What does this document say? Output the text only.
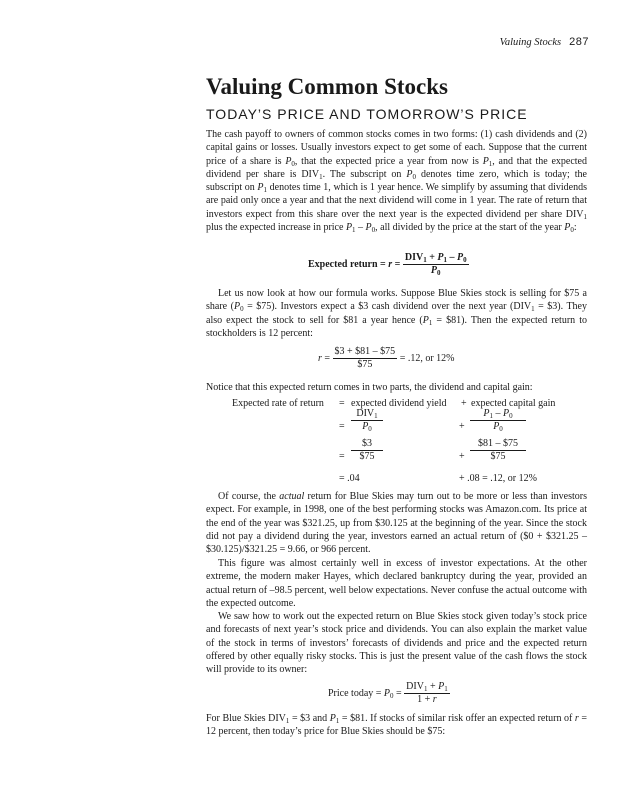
Valuing Stocks 287
Valuing Common Stocks
TODAY’S PRICE AND TOMORROW’S PRICE

The cash payoff to owners of common stocks comes in two forms: (1) cash dividends and (2) capital gains or losses. Usually investors expect to get some of each. Suppose that the current price of a share is $P_0$, that the expected price a year from now is $P_1$, and that the expected dividend per share is $DIV_1$. The subscript on $P_0$ denotes time zero, which is today; the subscript on $P_1$ denotes time 1, which is 1 year hence. We simplify by assuming that dividends are paid only once a year and that the next dividend will come in 1 year. The rate of return that investors expect from this share over the next year is the expected dividend per share $DIV_1$ plus the expected increase in price $P_1 - P_0$, all divided by the price at the start of the year $P_0$:

Expected return = $r = \frac{DIV_1 + P_1 - P_0}{P_0}$

Let us now look at how our formula works. Suppose Blue Skies stock is selling for $75 a share ($P_0$ = $75). Investors expect a $3 cash dividend over the next year ($DIV_1$ = $3). They also expect the stock to sell for $81 a year hence ($P_1$ = $81). Then the expected return to stockholders is 12 percent:

$r = \frac{\$3 + \$81 - \$75}{\$75} = .12$, or 12%

Notice that this expected return comes in two parts, the dividend and capital gain:

Expected rate of return = expected dividend yield + expected capital gain
= $\frac{DIV_1}{P_0}$	+ $\frac{P_1 - P_0}{P_0}$
= $\frac{\$3}{\$75}$	+ $\frac{\$81 - \$75}{\$75}$
= .04	+ .08 = .12, or 12%

Of course, the actual return for Blue Skies may turn out to be more or less than investors expect. For example, in 1998, one of the best performing stocks was Amazon.com. Its price at the end of the year was $321.25, up from $30.125 at the beginning of the year. Since the stock did not pay a dividend during the year, investors earned an actual return of ($0 + $321.25 – $30.125)/$321.25 = 9.66, or 966 percent.

This figure was almost certainly well in excess of investor expectations. At the other extreme, the modern maker Hayes, which declared bankruptcy during the year, provided an actual return of –98.5 percent, well below expectations. Never confuse the actual outcome with the expected outcome.

We saw how to work out the expected return on Blue Skies stock given today’s stock price and forecasts of next year’s stock price and dividends. You can also explain the market value of the stock in terms of investors’ forecasts of dividends and price and the expected return offered by other equally risky stocks. This is just the present value of the cash flows the stock will provide to its owner:

Price today = $P_0 = \frac{DIV_1 + P_1}{1 + r}$

For Blue Skies $DIV_1$ = $3 and $P_1$ = $81. If stocks of similar risk offer an expected return of r = 12 percent, then today’s price for Blue Skies should be $75:
